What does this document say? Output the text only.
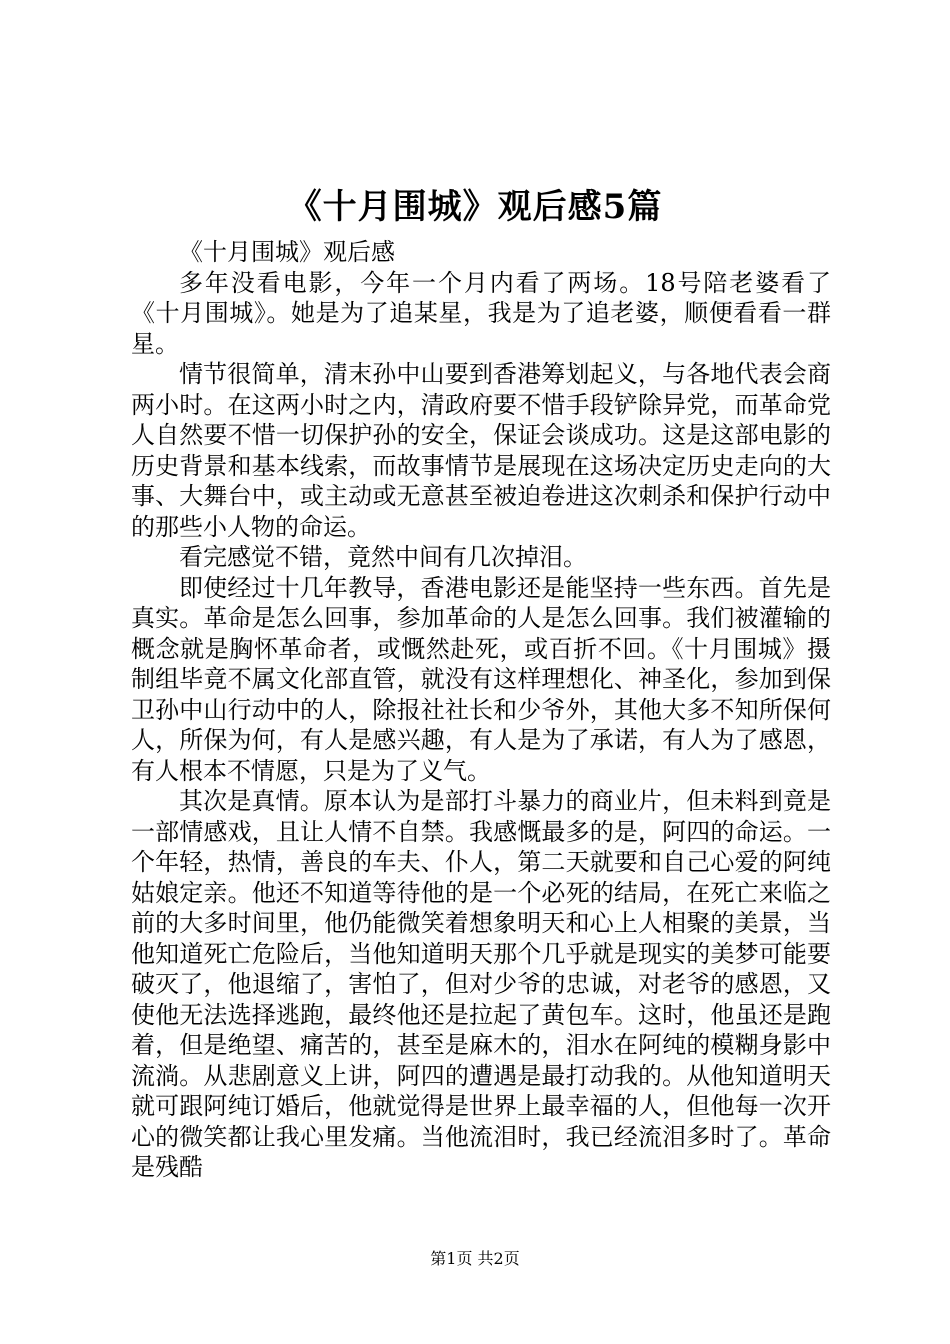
《十月围城》观后感5篇

《十月围城》观后感

多年没看电影，今年一个月内看了两场。18号陪老婆看了《十月围城》。她是为了追某星，我是为了追老婆，顺便看看一群星。

情节很简单，清末孙中山要到香港筹划起义，与各地代表会商两小时。在这两小时之内，清政府要不惜手段铲除异党，而革命党人自然要不惜一切保护孙的安全，保证会谈成功。这是这部电影的历史背景和基本线索，而故事情节是展现在这场决定历史走向的大事、大舞台中，或主动或无意甚至被迫卷进这次刺杀和保护行动中的那些小人物的命运。

看完感觉不错，竟然中间有几次掉泪。

即使经过十几年教导，香港电影还是能坚持一些东西。首先是真实。革命是怎么回事，参加革命的人是怎么回事。我们被灌输的概念就是胸怀革命者，或慨然赴死，或百折不回。《十月围城》摄制组毕竟不属文化部直管，就没有这样理想化、神圣化，参加到保卫孙中山行动中的人，除报社社长和少爷外，其他大多不知所保何人，所保为何，有人是感兴趣，有人是为了承诺，有人为了感恩，有人根本不情愿，只是为了义气。

其次是真情。原本认为是部打斗暴力的商业片，但未料到竟是一部情感戏，且让人情不自禁。我感慨最多的是，阿四的命运。一个年轻，热情，善良的车夫、仆人，第二天就要和自己心爱的阿纯姑娘定亲。他还不知道等待他的是一个必死的结局，在死亡来临之前的大多时间里，他仍能微笑着想象明天和心上人相聚的美景，当他知道死亡危险后，当他知道明天那个几乎就是现实的美梦可能要破灭了，他退缩了，害怕了，但对少爷的忠诚，对老爷的感恩，又使他无法选择逃跑，最终他还是拉起了黄包车。这时，他虽还是跑着，但是绝望、痛苦的，甚至是麻木的，泪水在阿纯的模糊身影中流淌。从悲剧意义上讲，阿四的遭遇是最打动我的。从他知道明天就可跟阿纯订婚后，他就觉得是世界上最幸福的人，但他每一次开心的微笑都让我心里发痛。当他流泪时，我已经流泪多时了。革命是残酷

第1页 共2页
